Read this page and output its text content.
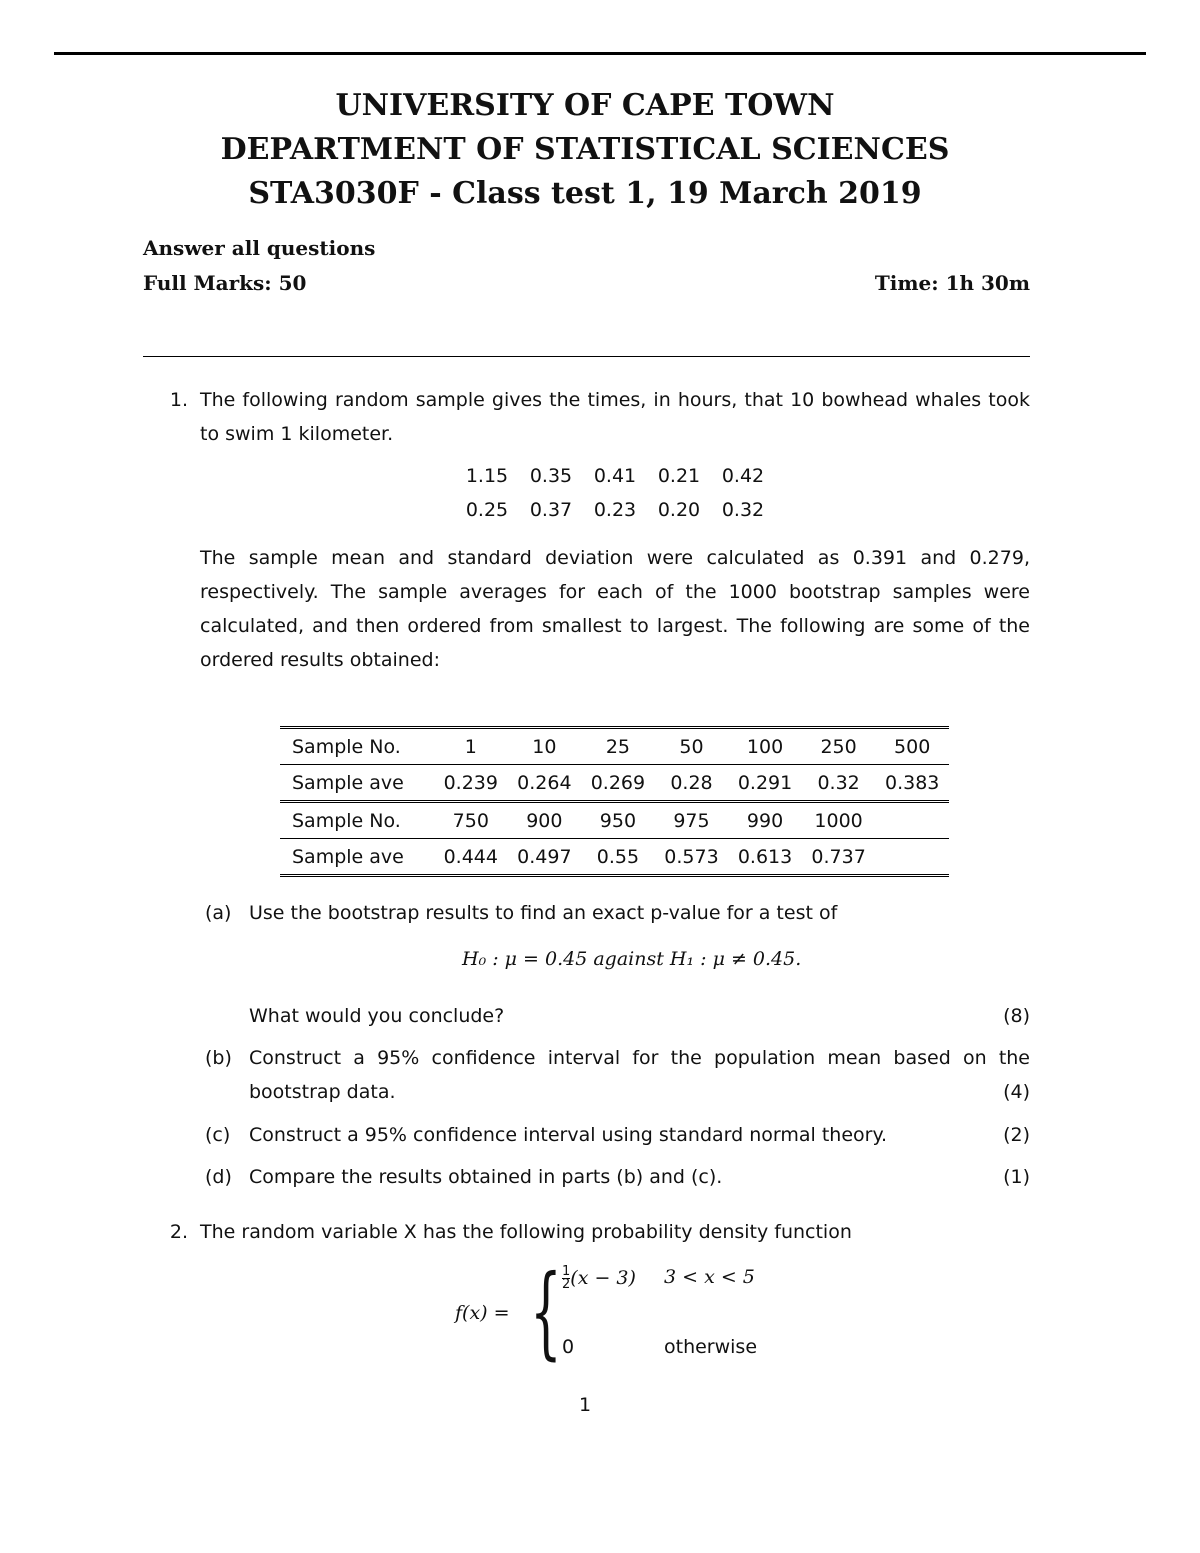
UNIVERSITY OF CAPE TOWN
DEPARTMENT OF STATISTICAL SCIENCES
STA3030F - Class test 1, 19 March 2019
Answer all questions
Full Marks: 50	Time: 1h 30m
1. The following random sample gives the times, in hours, that 10 bowhead whales took to swim 1 kilometer.
1.15 0.35 0.41 0.21 0.42
0.25 0.37 0.23 0.20 0.32
The sample mean and standard deviation were calculated as 0.391 and 0.279, respectively. The sample averages for each of the 1000 bootstrap samples were calculated, and then ordered from smallest to largest. The following are some of the ordered results obtained:
Sample No.	1	10	25	50	100	250	500
Sample ave	0.239	0.264	0.269	0.28	0.291	0.32	0.383
Sample No.	750	900	950	975	990	1000	
Sample ave	0.444	0.497	0.55	0.573	0.613	0.737	
(a) Use the bootstrap results to find an exact p-value for a test of
H₀ : μ = 0.45 against H₁ : μ ≠ 0.45.
What would you conclude?	(8)
(b) Construct a 95% confidence interval for the population mean based on the bootstrap data.	(4)
(c) Construct a 95% confidence interval using standard normal theory.	(2)
(d) Compare the results obtained in parts (b) and (c).	(1)
2. The random variable X has the following probability density function
f(x) = { $\frac{1}{2}(x - 3) 3 < x < 5$
0	otherwise
1
